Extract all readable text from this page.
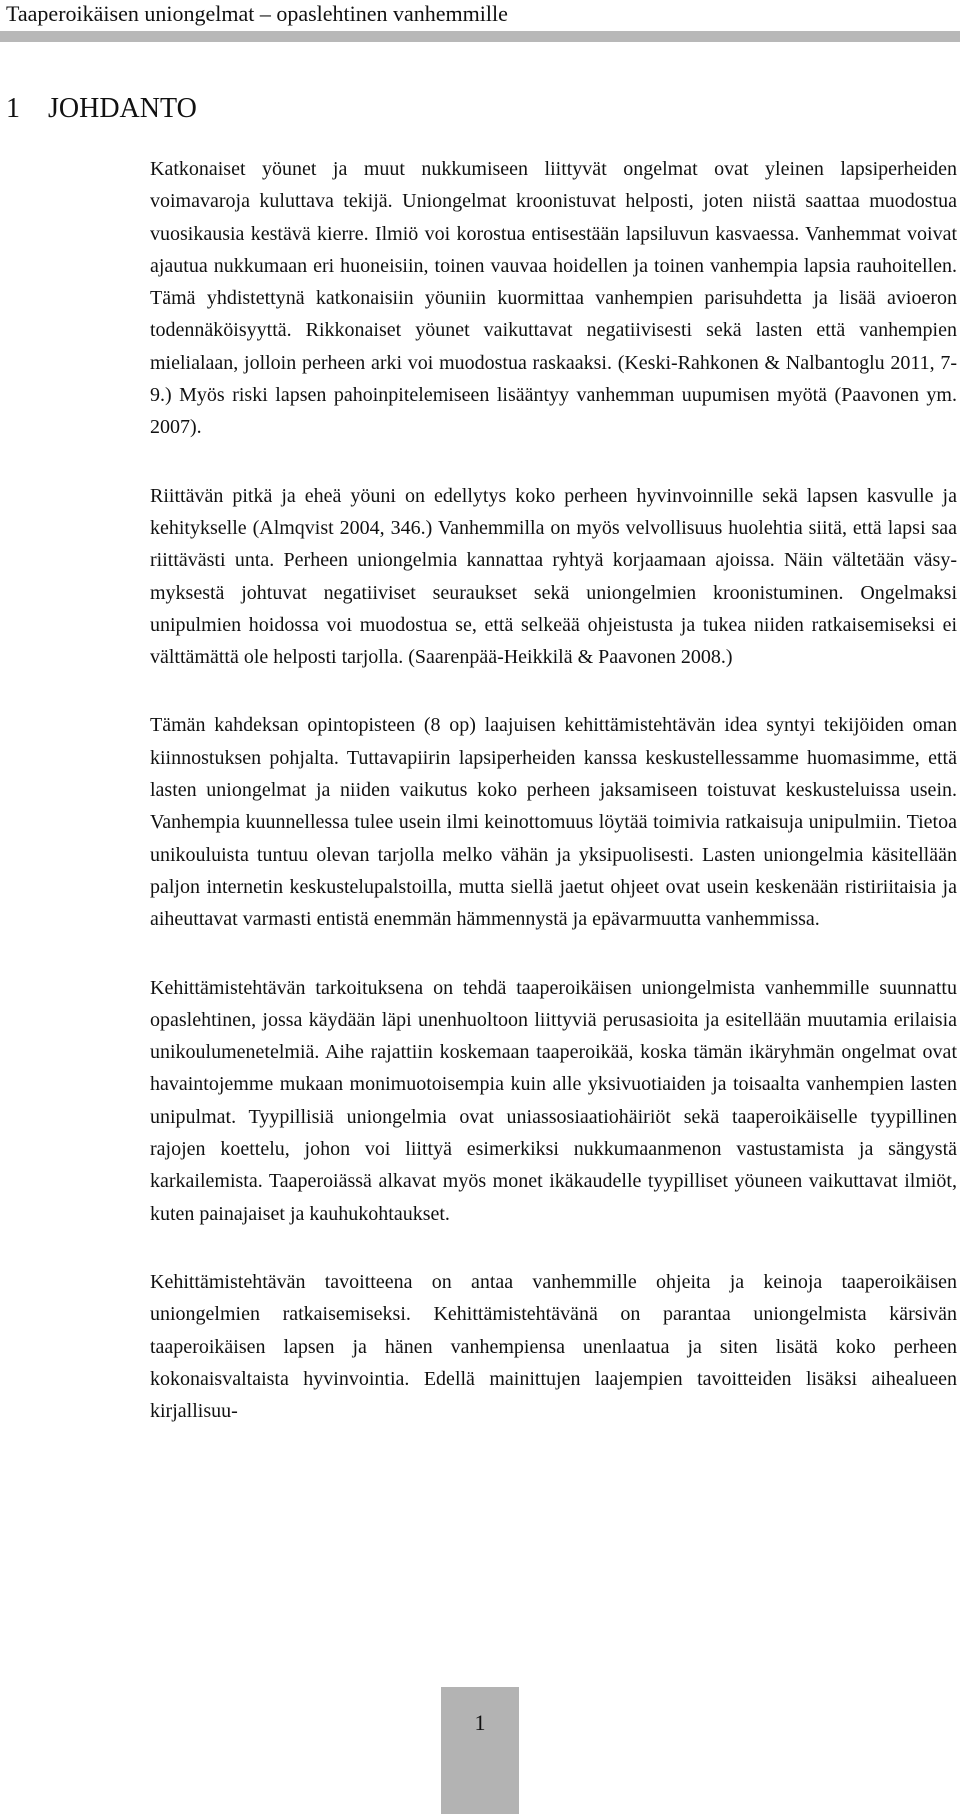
Taaperoikäisen uniongelmat – opaslehtinen vanhemmille
1 JOHDANTO

Katkonaiset yöunet ja muut nukkumiseen liittyvät ongelmat ovat yleinen lapsiperheiden voimavaroja kuluttava tekijä. Uniongelmat kroonistuvat helposti, joten niistä saattaa muodostua vuosikausia kestävä kierre. Ilmiö voi korostua entisestään lapsiluvun kasvaessa. Vanhemmat voivat ajautua nukkumaan eri huoneisiin, toinen vauvaa hoidellen ja toinen vanhempia lapsia rauhoitellen. Tämä yhdistettynä katkonaisiin yöuniin kuormittaa vanhempien parisuhdetta ja lisää avioeron todennäköisyyttä. Rikkonaiset yöunet vaikuttavat negatiivisesti sekä lasten että vanhempien mielialaan, jolloin perheen arki voi muodostua raskaaksi. (Keski-Rahkonen & Nalbantoglu 2011, 7-9.) Myös riski lapsen pahoinpitelemiseen lisääntyy vanhemman uupumisen myötä (Paavonen ym. 2007).

Riittävän pitkä ja eheä yöuni on edellytys koko perheen hyvinvoinnille sekä lapsen kasvulle ja kehitykselle (Almqvist 2004, 346.) Vanhemmilla on myös velvollisuus huolehtia siitä, että lapsi saa riittävästi unta. Perheen uniongelmia kannattaa ryhtyä korjaamaan ajoissa. Näin vältetään väsymyksestä johtuvat negatiiviset seuraukset sekä uniongelmien kroonistuminen. Ongelmaksi unipulmien hoidossa voi muodostua se, että selkeää ohjeistusta ja tukea niiden ratkaisemiseksi ei välttämättä ole helposti tarjolla. (Saarenpää-Heikkilä & Paavonen 2008.)

Tämän kahdeksan opintopisteen (8 op) laajuisen kehittämistehtävän idea syntyi tekijöiden oman kiinnostuksen pohjalta. Tuttavapiirin lapsiperheiden kanssa keskustellessamme huomasimme, että lasten uniongelmat ja niiden vaikutus koko perheen jaksamiseen toistuvat keskusteluissa usein. Vanhempia kuunnellessa tulee usein ilmi keinottomuus löytää toimivia ratkaisuja unipulmiin. Tietoa unikouluista tuntuu olevan tarjolla melko vähän ja yksipuolisesti. Lasten uniongelmia käsitellään paljon internetin keskustelupalstoilla, mutta siellä jaetut ohjeet ovat usein keskenään ristiriitaisia ja aiheuttavat varmasti entistä enemmän hämmennystä ja epävarmuutta vanhemmissa.

Kehittämistehtävän tarkoituksena on tehdä taaperoikäisen uniongelmista vanhemmille suunnattu opaslehtinen, jossa käydään läpi unenhuoltoon liittyviä perusasioita ja esitellään muutamia erilaisia unikoulumenetelmiä. Aihe rajattiin koskemaan taaperoikää, koska tämän ikäryhmän ongelmat ovat havaintojemme mukaan monimuotoisempia kuin alle yksivuotiaiden ja toisaalta vanhempien lasten unipulmat. Tyypillisiä uniongelmia ovat uniassosiaatiohäiriöt sekä taaperoikäiselle tyypillinen rajojen koettelu, johon voi liittyä esimerkiksi nukkumaanmenon vastustamista ja sängystä karkailemista. Taaperoiässä alkavat myös monet ikäkaudelle tyypilliset yöuneen vaikuttavat ilmiöt, kuten painajaiset ja kauhukohtaukset.

Kehittämistehtävän tavoitteena on antaa vanhemmille ohjeita ja keinoja taaperoikäisen uniongelmien ratkaisemiseksi. Kehittämistehtävänä on parantaa uniongelmista kärsivän taaperoikäisen lapsen ja hänen vanhempiensa unenlaatua ja siten lisätä koko perheen kokonaisvaltaista hyvinvointia. Edellä mainittujen laajempien tavoitteiden lisäksi aihealueen kirjallisuu-

1
